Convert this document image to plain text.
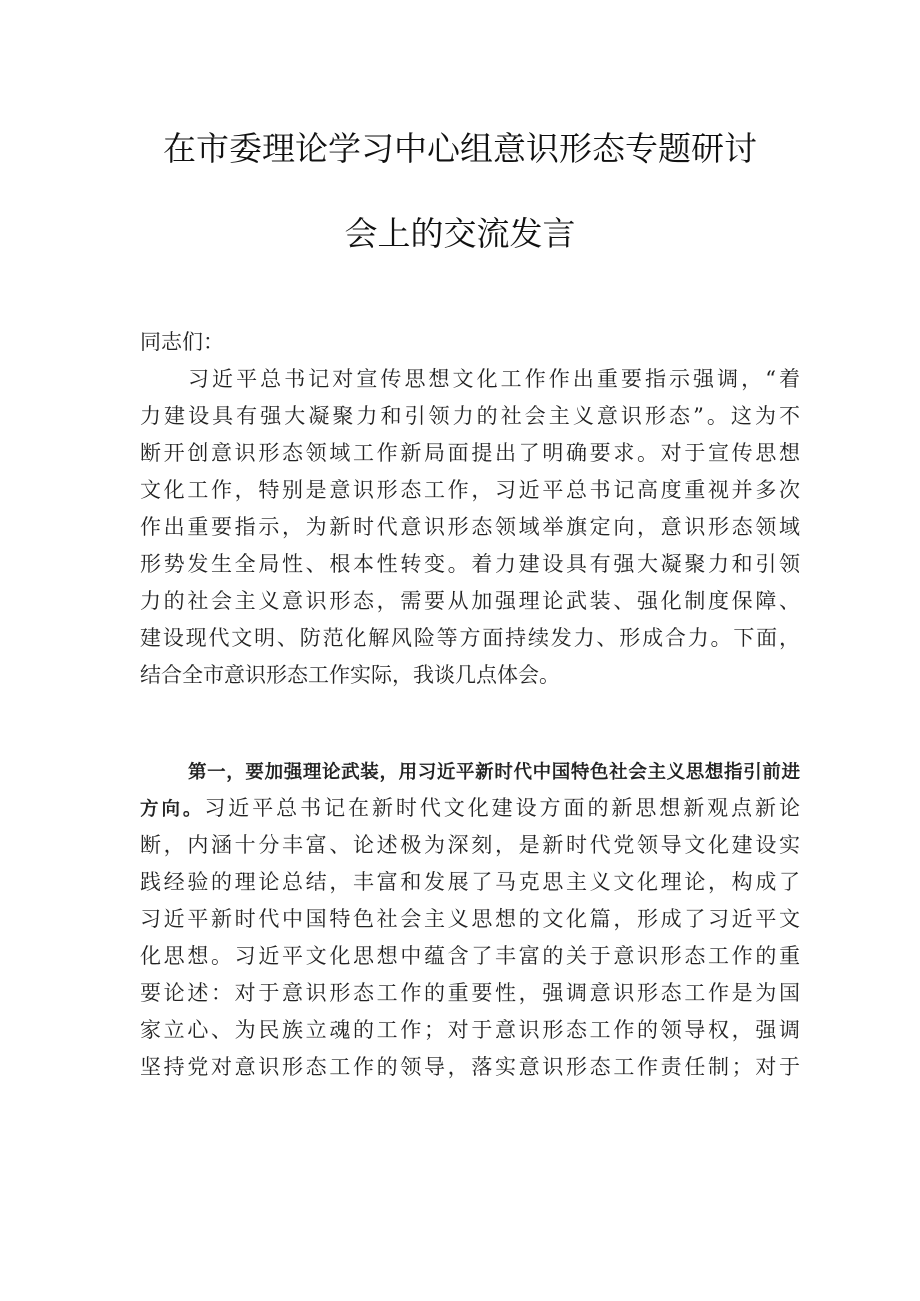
在市委理论学习中心组意识形态专题研讨
会上的交流发言
同志们：
习近平总书记对宣传思想文化工作作出重要指示强调，“着
力建设具有强大凝聚力和引领力的社会主义意识形态”。这为不
断开创意识形态领域工作新局面提出了明确要求。对于宣传思想
文化工作，特别是意识形态工作，习近平总书记高度重视并多次
作出重要指示，为新时代意识形态领域举旗定向，意识形态领域
形势发生全局性、根本性转变。着力建设具有强大凝聚力和引领
力的社会主义意识形态，需要从加强理论武装、强化制度保障、
建设现代文明、防范化解风险等方面持续发力、形成合力。下面，
结合全市意识形态工作实际，我谈几点体会。
第一，要加强理论武装，用习近平新时代中国特色社会主义思想指引前进
方向。习近平总书记在新时代文化建设方面的新思想新观点新论
断，内涵十分丰富、论述极为深刻，是新时代党领导文化建设实
践经验的理论总结，丰富和发展了马克思主义文化理论，构成了
习近平新时代中国特色社会主义思想的文化篇，形成了习近平文
化思想。习近平文化思想中蕴含了丰富的关于意识形态工作的重
要论述：对于意识形态工作的重要性，强调意识形态工作是为国
家立心、为民族立魂的工作；对于意识形态工作的领导权，强调
坚持党对意识形态工作的领导，落实意识形态工作责任制；对于
